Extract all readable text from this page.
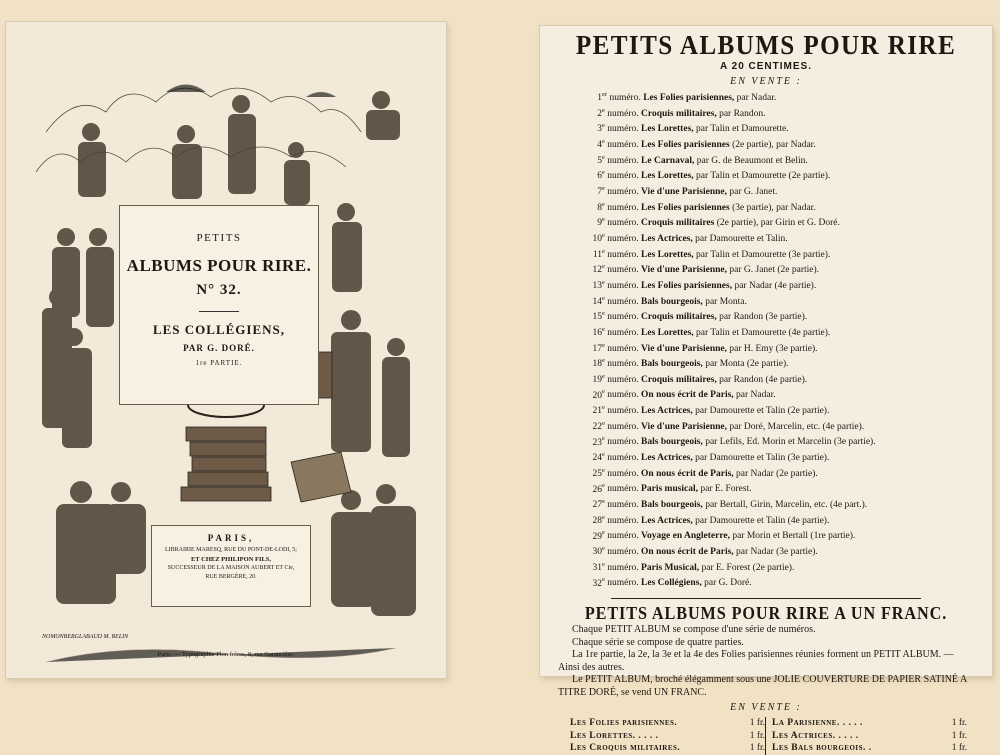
PETITS
ALBUMS POUR RIRE.
N° 32.
LES COLLÉGIENS,
PAR G. DORÉ.
1re PARTIE.
PARIS,
LIBRAIRIE MARESQ, RUE DU PONT-DE-LODI, 5;
ET CHEZ PHILIPON FILS,
SUCCESSEUR DE LA MAISON AUBERT ET Cie,
RUE BERGÈRE, 20.
NOMONBERGLABAUD M. BELIN
Paris. — Typographie Plon frères, 8, rue Garancière.
PETITS ALBUMS POUR RIRE
A 20 CENTIMES.
EN VENTE :
1er numéro. Les Folies parisiennes, par Nadar.
2e numéro. Croquis militaires, par Randon.
3e numéro. Les Lorettes, par Talin et Damourette.
4e numéro. Les Folies parisiennes (2e partie), par Nadar.
5e numéro. Le Carnaval, par G. de Beaumont et Belin.
6e numéro. Les Lorettes, par Talin et Damourette (2e partie).
7e numéro. Vie d'une Parisienne, par G. Janet.
8e numéro. Les Folies parisiennes (3e partie), par Nadar.
9e numéro. Croquis militaires (2e partie), par Girin et G. Doré.
10e numéro. Les Actrices, par Damourette et Talin.
11e numéro. Les Lorettes, par Talin et Damourette (3e partie).
12e numéro. Vie d'une Parisienne, par G. Janet (2e partie).
13e numéro. Les Folies parisiennes, par Nadar (4e partie).
14e numéro. Bals bourgeois, par Monta.
15e numéro. Croquis militaires, par Randon (3e partie).
16e numéro. Les Lorettes, par Talin et Damourette (4e partie).
17e numéro. Vie d'une Parisienne, par H. Emy (3e partie).
18e numéro. Bals bourgeois, par Monta (2e partie).
19e numéro. Croquis militaires, par Randon (4e partie).
20e numéro. On nous écrit de Paris, par Nadar.
21e numéro. Les Actrices, par Damourette et Talin (2e partie).
22e numéro. Vie d'une Parisienne, par Doré, Marcelin, etc. (4e partie).
23e numéro. Bals bourgeois, par Lefils, Ed. Morin et Marcelin (3e partie).
24e numéro. Les Actrices, par Damourette et Talin (3e partie).
25e numéro. On nous écrit de Paris, par Nadar (2e partie).
26e numéro. Paris musical, par E. Forest.
27e numéro. Bals bourgeois, par Bertall, Girin, Marcelin, etc. (4e part.).
28e numéro. Les Actrices, par Damourette et Talin (4e partie).
29e numéro. Voyage en Angleterre, par Morin et Bertall (1re partie).
30e numéro. On nous écrit de Paris, par Nadar (3e partie).
31e numéro. Paris Musical, par E. Forest (2e partie).
32e numéro. Les Collégiens, par G. Doré.
PETITS ALBUMS POUR RIRE A UN FRANC.
Chaque PETIT ALBUM se compose d'une série de numéros.
Chaque série se compose de quatre parties.
La 1re partie, la 2e, la 3e et la 4e des Folies parisiennes réunies forment un PETIT ALBUM. — Ainsi des autres.
Le PETIT ALBUM, broché élégamment sous une JOLIE COUVERTURE DE PAPIER SATINÉ A TITRE DORÉ, se vend UN FRANC.
EN VENTE :
Les Folies parisiennes.	1 fr.
Les Lorettes. . . . .	1 fr.
Les Croquis militaires.	1 fr.
La Parisienne. . . . .	1 fr.
Les Actrices. . . . .	1 fr.
Les Bals bourgeois. .	1 fr.
